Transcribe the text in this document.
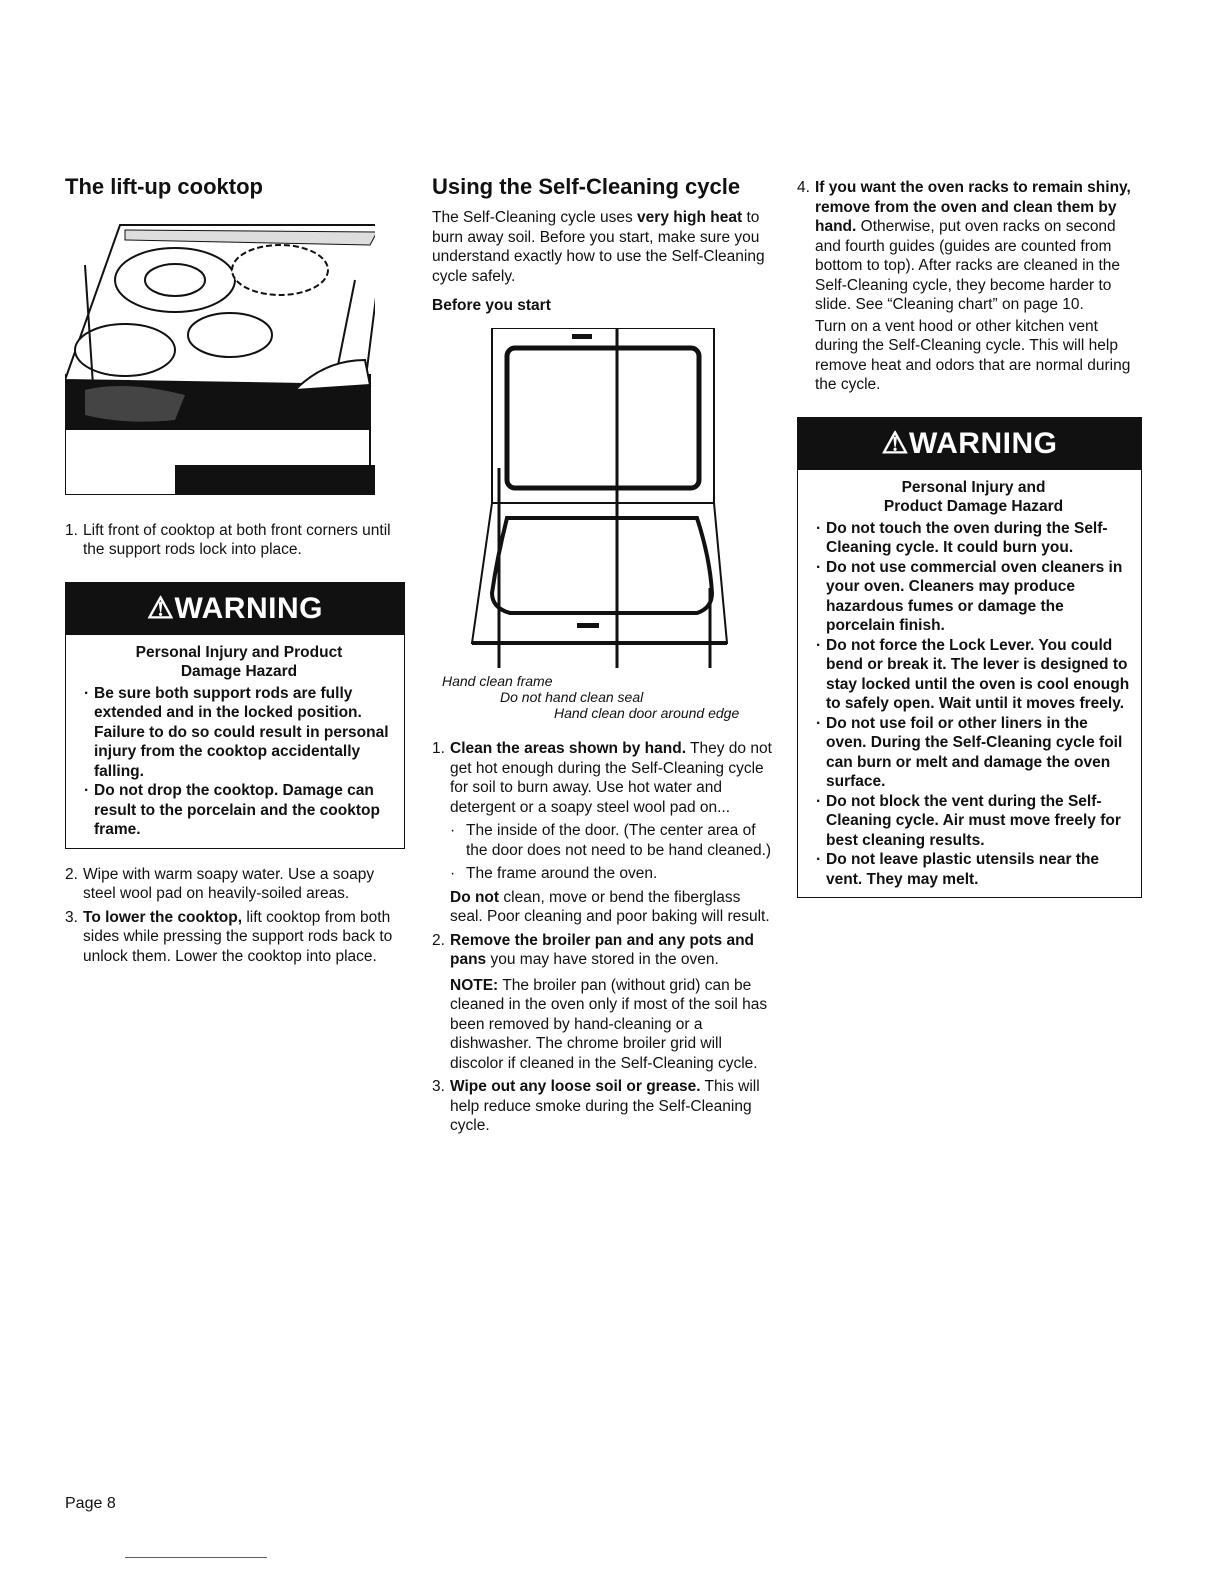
The lift-up cooktop
1. Lift front of cooktop at both front corners until the support rods lock into place.
⚠WARNING
Personal Injury and Product Damage Hazard
· Be sure both support rods are fully extended and in the locked position. Failure to do so could result in personal injury from the cooktop accidentally falling.
· Do not drop the cooktop. Damage can result to the porcelain and the cooktop frame.
2. Wipe with warm soapy water. Use a soapy steel wool pad on heavily-soiled areas.
3. To lower the cooktop, lift cooktop from both sides while pressing the support rods back to unlock them. Lower the cooktop into place.
Using the Self-Cleaning cycle

The Self-Cleaning cycle uses very high heat to burn away soil. Before you start, make sure you understand exactly how to use the Self-Cleaning cycle safely.

Before you start

Hand clean frame
Do not hand clean seal
Hand clean door around edge
1. Clean the areas shown by hand. They do not get hot enough during the Self-Cleaning cycle for soil to burn away. Use hot water and detergent or a soapy steel wool pad on...
· The inside of the door. (The center area of the door does not need to be hand cleaned.)
· The frame around the oven.

Do not clean, move or bend the fiberglass seal. Poor cleaning and poor baking will result.

2. Remove the broiler pan and any pots and pans you may have stored in the oven.

NOTE: The broiler pan (without grid) can be cleaned in the oven only if most of the soil has been removed by hand-cleaning or a dishwasher. The chrome broiler grid will discolor if cleaned in the Self-Cleaning cycle.

3. Wipe out any loose soil or grease. This will help reduce smoke during the Self-Cleaning cycle.
4. If you want the oven racks to remain shiny, remove from the oven and clean them by hand. Otherwise, put oven racks on second and fourth guides (guides are counted from bottom to top). After racks are cleaned in the Self-Cleaning cycle, they become harder to slide. See “Cleaning chart” on page 10.

Turn on a vent hood or other kitchen vent during the Self-Cleaning cycle. This will help remove heat and odors that are normal during the cycle.

⚠WARNING
Personal Injury and Product Damage Hazard
· Do not touch the oven during the Self-Cleaning cycle. It could burn you.
· Do not use commercial oven cleaners in your oven. Cleaners may produce hazardous fumes or damage the porcelain finish.
· Do not force the Lock Lever. You could bend or break it. The lever is designed to stay locked until the oven is cool enough to safely open. Wait until it moves freely.
· Do not use foil or other liners in the oven. During the Self-Cleaning cycle foil can burn or melt and damage the oven surface.
· Do not block the vent during the Self-Cleaning cycle. Air must move freely for best cleaning results.
· Do not leave plastic utensils near the vent. They may melt.
Page 8
